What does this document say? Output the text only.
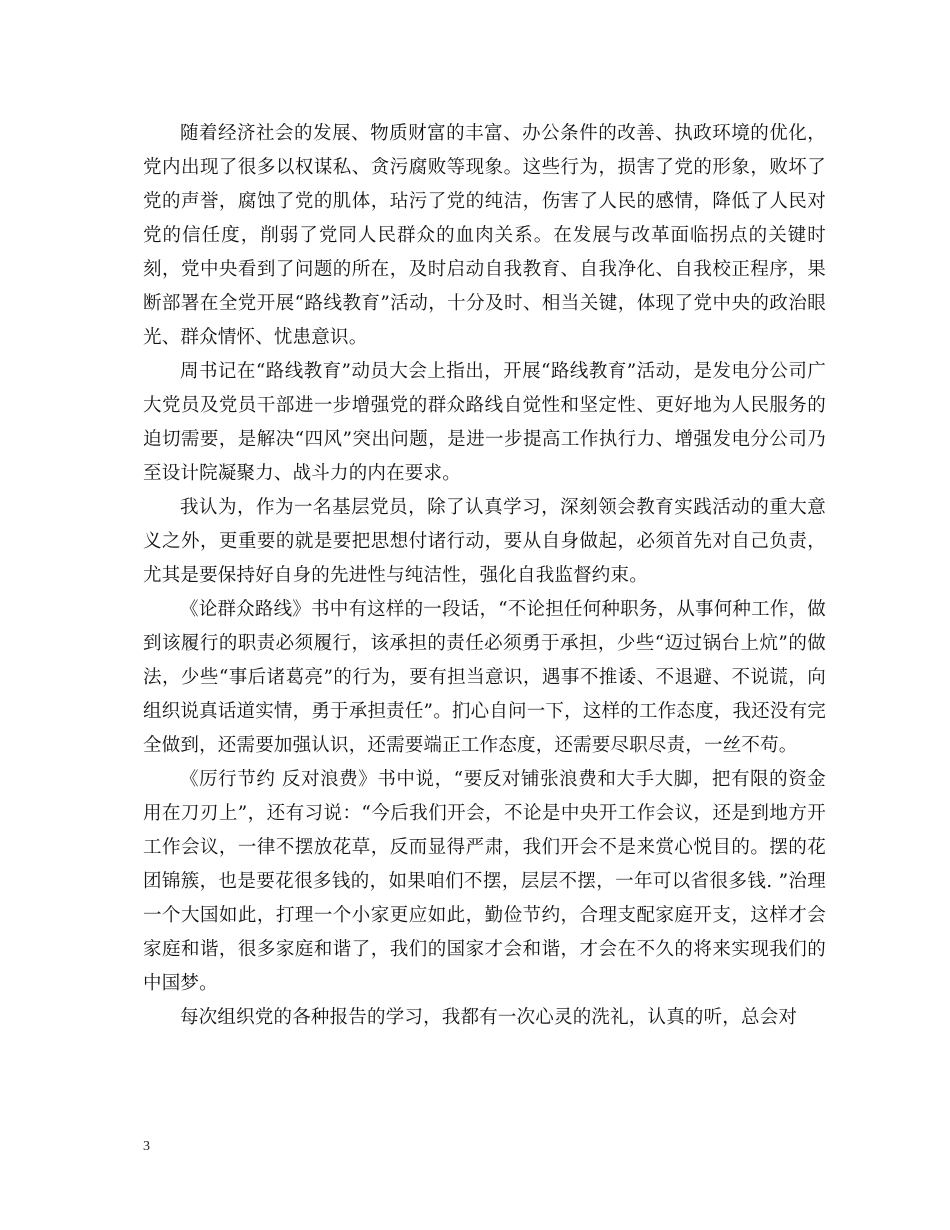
随着经济社会的发展、物质财富的丰富、办公条件的改善、执政环境的优化，党内出现了很多以权谋私、贪污腐败等现象。这些行为，损害了党的形象，败坏了党的声誉，腐蚀了党的肌体，玷污了党的纯洁，伤害了人民的感情，降低了人民对党的信任度，削弱了党同人民群众的血肉关系。在发展与改革面临拐点的关键时刻，党中央看到了问题的所在，及时启动自我教育、自我净化、自我校正程序，果断部署在全党开展“路线教育”活动，十分及时、相当关键，体现了党中央的政治眼光、群众情怀、忧患意识。

周书记在“路线教育”动员大会上指出，开展“路线教育”活动，是发电分公司广大党员及党员干部进一步增强党的群众路线自觉性和坚定性、更好地为人民服务的迫切需要，是解决“四风”突出问题，是进一步提高工作执行力、增强发电分公司乃至设计院凝聚力、战斗力的内在要求。

我认为，作为一名基层党员，除了认真学习，深刻领会教育实践活动的重大意义之外，更重要的就是要把思想付诸行动，要从自身做起，必须首先对自己负责，尤其是要保持好自身的先进性与纯洁性，强化自我监督约束。

《论群众路线》书中有这样的一段话，“不论担任何种职务，从事何种工作，做到该履行的职责必须履行，该承担的责任必须勇于承担，少些“迈过锅台上炕”的做法，少些“事后诸葛亮”的行为，要有担当意识，遇事不推诿、不退避、不说谎，向组织说真话道实情，勇于承担责任”。扪心自问一下，这样的工作态度，我还没有完全做到，还需要加强认识，还需要端正工作态度，还需要尽职尽责，一丝不苟。

《厉行节约 反对浪费》书中说，“要反对铺张浪费和大手大脚，把有限的资金用在刀刃上”，还有习说：“今后我们开会，不论是中央开工作会议，还是到地方开工作会议，一律不摆放花草，反而显得严肃，我们开会不是来赏心悦目的。摆的花团锦簇，也是要花很多钱的，如果咱们不摆，层层不摆，一年可以省很多钱. ”治理一个大国如此，打理一个小家更应如此，勤俭节约，合理支配家庭开支，这样才会家庭和谐，很多家庭和谐了，我们的国家才会和谐，才会在不久的将来实现我们的中国梦。

每次组织党的各种报告的学习，我都有一次心灵的洗礼，认真的听，总会对

3
